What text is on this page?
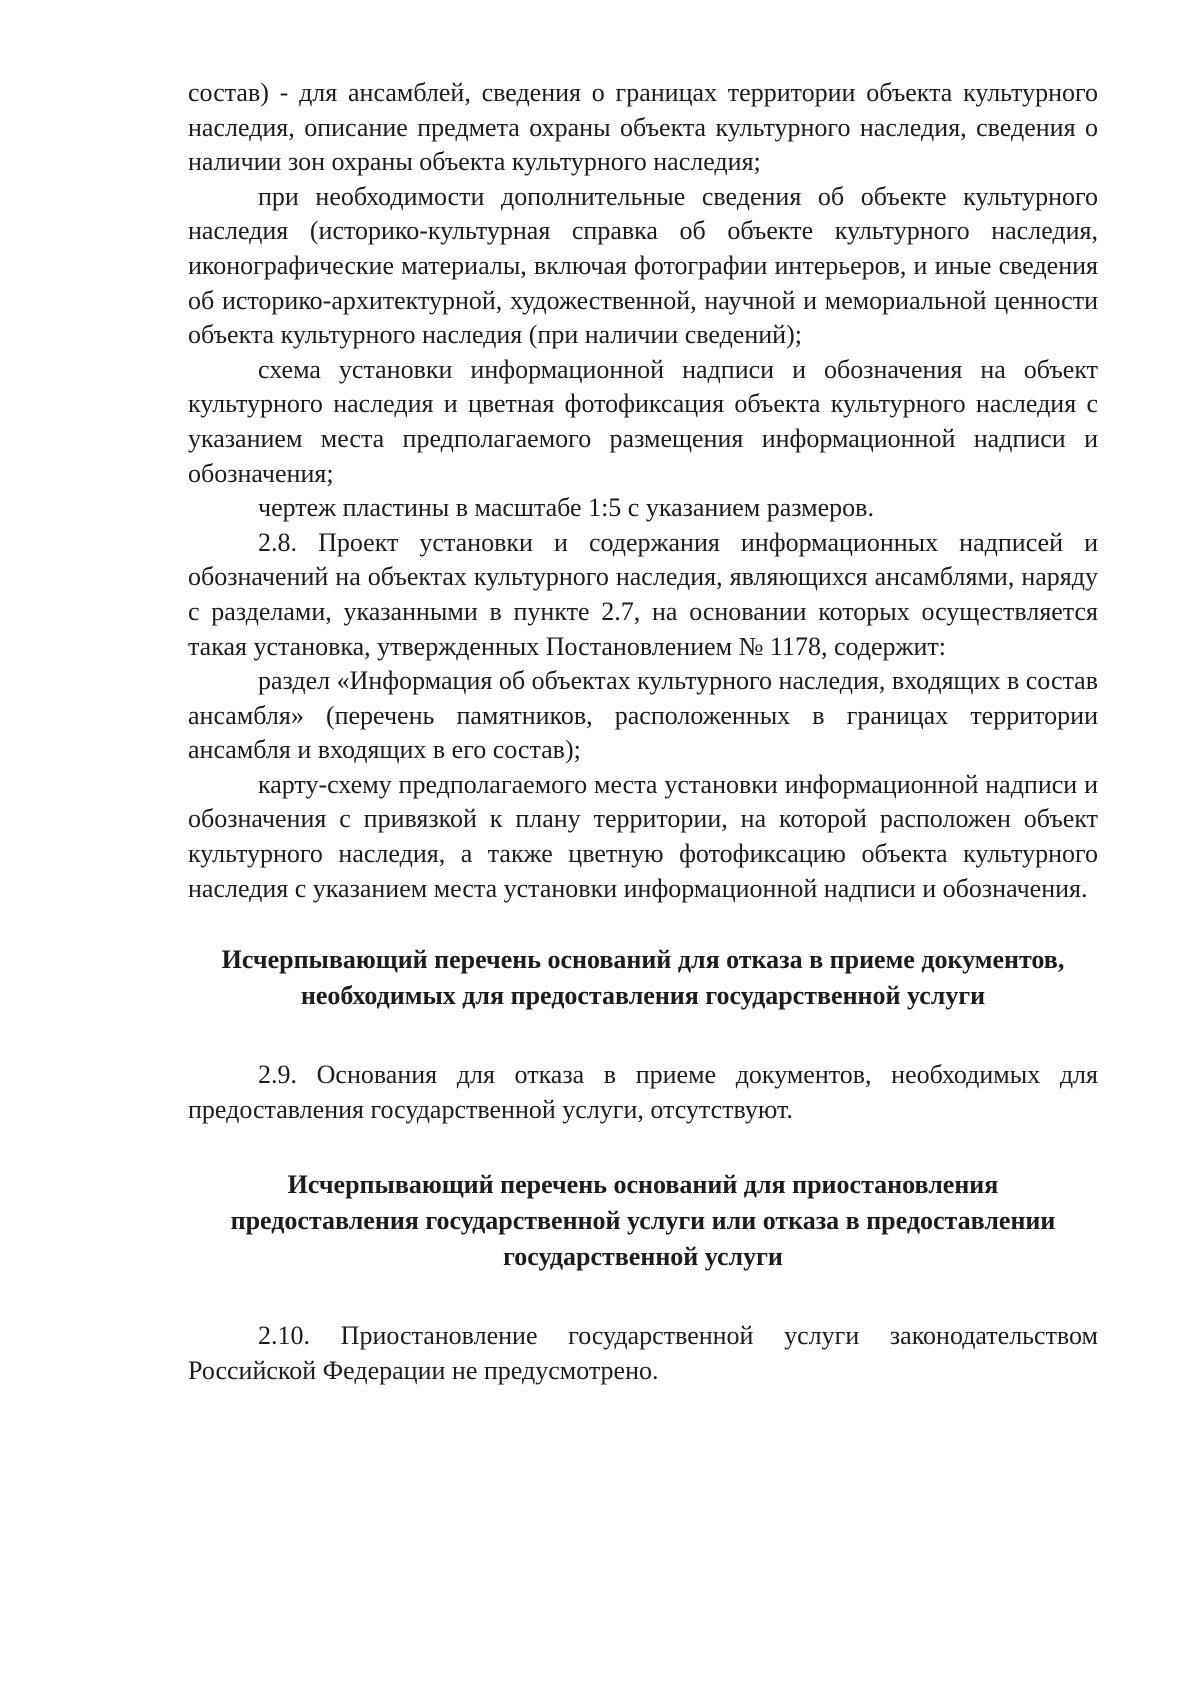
состав) - для ансамблей, сведения о границах территории объекта культурного наследия, описание предмета охраны объекта культурного наследия, сведения о наличии зон охраны объекта культурного наследия;

при необходимости дополнительные сведения об объекте культурного наследия (историко-культурная справка об объекте культурного наследия, иконографические материалы, включая фотографии интерьеров, и иные сведения об историко-архитектурной, художественной, научной и мемориальной ценности объекта культурного наследия (при наличии сведений);

схема установки информационной надписи и обозначения на объект культурного наследия и цветная фотофиксация объекта культурного наследия с указанием места предполагаемого размещения информационной надписи и обозначения;

чертеж пластины в масштабе 1:5 с указанием размеров.

2.8. Проект установки и содержания информационных надписей и обозначений на объектах культурного наследия, являющихся ансамблями, наряду с разделами, указанными в пункте 2.7, на основании которых осуществляется такая установка, утвержденных Постановлением № 1178, содержит:

раздел «Информация об объектах культурного наследия, входящих в состав ансамбля» (перечень памятников, расположенных в границах территории ансамбля и входящих в его состав);

карту-схему предполагаемого места установки информационной надписи и обозначения с привязкой к плану территории, на которой расположен объект культурного наследия, а также цветную фотофиксацию объекта культурного наследия с указанием места установки информационной надписи и обозначения.

Исчерпывающий перечень оснований для отказа в приеме документов, необходимых для предоставления государственной услуги

2.9. Основания для отказа в приеме документов, необходимых для предоставления государственной услуги, отсутствуют.

Исчерпывающий перечень оснований для приостановления предоставления государственной услуги или отказа в предоставлении государственной услуги

2.10. Приостановление государственной услуги законодательством Российской Федерации не предусмотрено.
